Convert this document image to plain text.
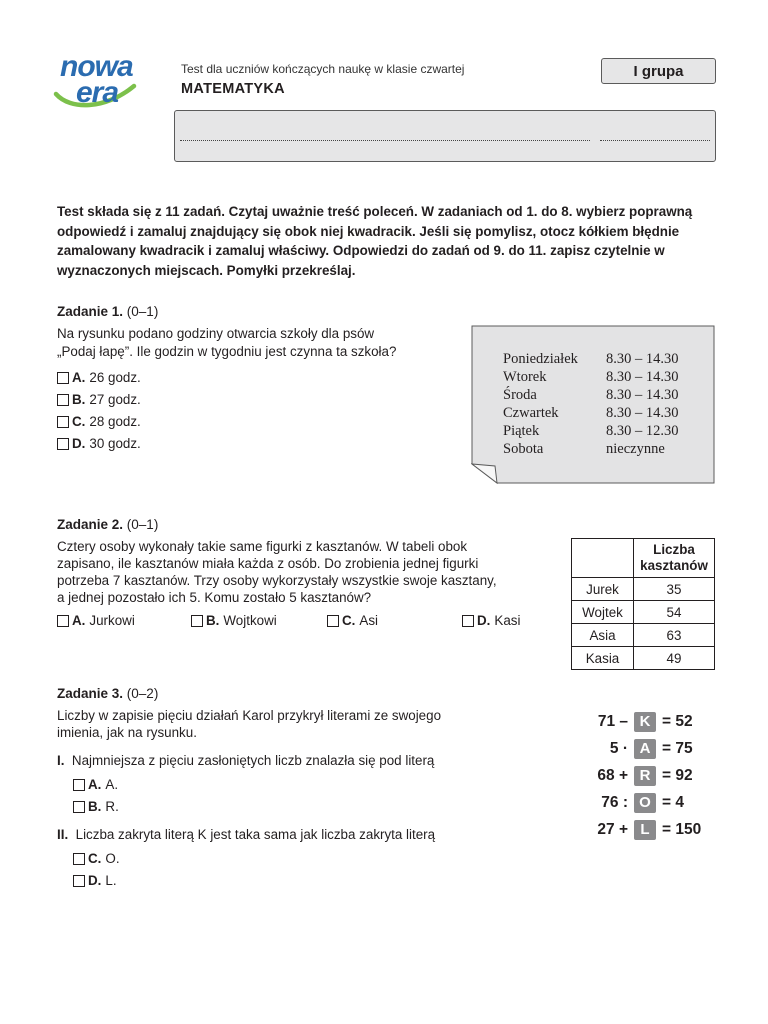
nowa
era
Test dla uczniów kończących naukę w klasie czwartej
MATEMATYKA
I grupa
Test składa się z 11 zadań. Czytaj uważnie treść poleceń. W zadaniach od 1. do 8. wybierz poprawną odpowiedź i zamaluj znajdujący się obok niej kwadracik. Jeśli się pomylisz, otocz kółkiem błędnie zamalowany kwadracik i zamaluj właściwy. Odpowiedzi do zadań od 9. do 11. zapisz czytelnie w wyznaczonych miejscach. Pomyłki przekreślaj.
Zadanie 1. (0–1)
Na rysunku podano godziny otwarcia szkoły dla psów
„Podaj łapę”. Ile godzin w tygodniu jest czynna ta szkoła?
A. 26 godz.
B. 27 godz.
C. 28 godz.
D. 30 godz.
Poniedziałek	8.30 – 14.30
Wtorek	8.30 – 14.30
Środa	8.30 – 14.30
Czwartek	8.30 – 14.30
Piątek	8.30 – 12.30
Sobota	nieczynne
Zadanie 2. (0–1)
Cztery osoby wykonały takie same figurki z kasztanów. W tabeli obok
zapisano, ile kasztanów miała każda z osób. Do zrobienia jednej figurki
potrzeba 7 kasztanów. Trzy osoby wykorzystały wszystkie swoje kasztany,
a jednej pozostało ich 5. Komu zostało 5 kasztanów?
A. Jurkowi	B. Wojtkowi	C. Asi	D. Kasi
	Liczba
kasztanów
Jurek	35
Wojtek	54
Asia	63
Kasia	49
Zadanie 3. (0–2)
Liczby w zapisie pięciu działań Karol przykrył literami ze swojego
imienia, jak na rysunku.
I. Najmniejsza z pięciu zasłoniętych liczb znalazła się pod literą
A. A.
B. R.
II. Liczba zakryta literą K jest taka sama jak liczba zakryta literą
C. O.
D. L.
71 – K = 52
5 · A = 75
68 + R = 92
76 : O = 4
27 + L = 150
